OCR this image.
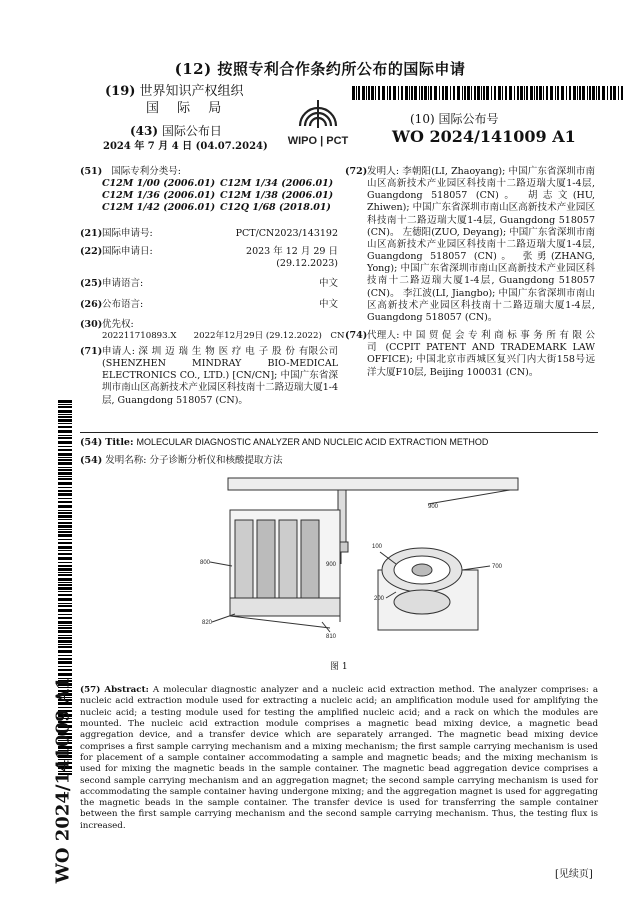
(12) 按照专利合作条约所公布的国际申请
(19) 世界知识产权组织
国 际 局
(43) 国际公布日
2024 年 7 月 4 日 (04.07.2024) WIPO | PCT
(10) 国际公布号
WO 2024/141009 A1
WO 2024/141009 A1
(51) 国际专利分类号:
C12M 1/00 (2006.01) C12M 1/34 (2006.01)
C12M 1/36 (2006.01) C12M 1/38 (2006.01)
C12M 1/42 (2006.01) C12Q 1/68 (2018.01)
(21) 国际申请号:	PCT/CN2023/143192
(22) 国际申请日:	2023 年 12 月 29 日 (29.12.2023)
(25) 申请语言:	中文
(26) 公布语言:	中文
(30)优先权:
202211710893.X　　2022年12月29日 (29.12.2022)　CN
(71) 申请人: 深 圳 迈 瑞 生 物 医 疗 电 子 股 份 有限公司 (SHENZHEN MINDRAY BIO-MEDICAL ELECTRONICS CO., LTD.) [CN/CN]; 中国广东省深圳市南山区高新技术产业园区科技南十二路迈瑞大厦1-4层, Guangdong 518057 (CN)。
(72) 发明人: 李朝阳(LI, Zhaoyang); 中国广东省深圳市南山区高新技术产业园区科技南十二路迈瑞大厦1-4层, Guangdong 518057 (CN)。 胡志文(HU, Zhiwen); 中国广东省深圳市南山区高新技术产业园区科技南十二路迈瑞大厦1-4层, Guangdong 518057 (CN)。 左德阳(ZUO, Deyang); 中国广东省深圳市南山区高新技术产业园区科技南十二路迈瑞大厦1-4层, Guangdong 518057 (CN)。 张勇(ZHANG, Yong); 中国广东省深圳市南山区高新技术产业园区科技南十二路迈瑞大厦1-4层, Guangdong 518057 (CN)。 李江波(LI, Jiangbo); 中国广东省深圳市南山区高新技术产业园区科技南十二路迈瑞大厦1-4层, Guangdong 518057 (CN)。
(74) 代理人: 中 国 贸 促 会 专 利 商 标 事 务 所 有 限 公 司 (CCPIT PATENT AND TRADEMARK LAW OFFICE); 中国北京市西城区复兴门内大街158号远洋大厦F10层, Beijing 100031 (CN)。
(54) Title: MOLECULAR DIAGNOSTIC ANALYZER AND NUCLEIC ACID EXTRACTION METHOD
(54) 发明名称: 分子诊断分析仪和核酸提取方法
900
900
800
820
810
100
200
700
图 1
(57) Abstract: A molecular diagnostic analyzer and a nucleic acid extraction method. The analyzer comprises: a nucleic acid extraction module used for extracting a nucleic acid; an amplification module used for amplifying the nucleic acid; a testing module used for testing the amplified nucleic acid; and a rack on which the modules are mounted. The nucleic acid extraction module comprises a magnetic bead mixing device, a magnetic bead aggregation device, and a transfer device which are separately arranged. The magnetic bead mixing device comprises a first sample carrying mechanism and a mixing mechanism; the first sample carrying mechanism is used for placement of a sample container accommodating a sample and magnetic beads; and the mixing mechanism is used for mixing the magnetic beads in the sample container. The magnetic bead aggregation device comprises a second sample carrying mechanism and an aggregation magnet; the second sample carrying mechanism is used for accommodating the sample container having undergone mixing; and the aggregation magnet is used for aggregating the magnetic beads in the sample container. The transfer device is used for transferring the sample container between the first sample carrying mechanism and the second sample carrying mechanism. Thus, the testing flux is increased.
[见续页]
